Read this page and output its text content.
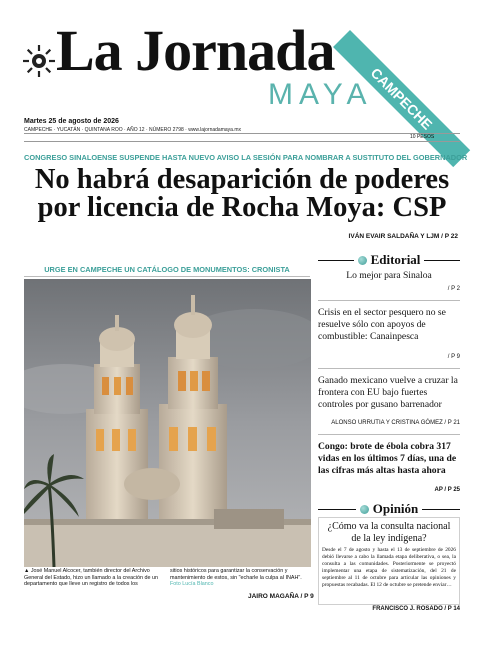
La Jornada
MAYA
CAMPECHE
Martes 25 de agosto de 2026
CAMPECHE · YUCATÁN · QUINTANA ROO · AÑO 12 · NÚMERO 2798 · www.lajornadamaya.mx
10 PESOS
CONGRESO SINALOENSE SUSPENDE HASTA NUEVO AVISO LA SESIÓN PARA NOMBRAR A SUSTITUTO DEL GOBERNADOR
No habrá desaparición de poderes
por licencia de Rocha Moya: CSP
IVÁN EVAIR SALDAÑA Y LJM / P 22
URGE EN CAMPECHE UN CATÁLOGO DE MONUMENTOS: CRONISTA
▲ José Manuel Alcocer, también director del Archivo General del Estado, hizo un llamado a la creación de un departamento que lleve un registro de todos los
sitios históricos para garantizar la conservación y mantenimiento de estos, sin "echarle la culpa al INAH". Foto Lucía Blanco
JAIRO MAGAÑA / P 9
Editorial
Lo mejor para Sinaloa
/ P 2
Crisis en el sector pesquero no se resuelve sólo con apoyos de combustible: Canainpesca
/ P 9
Ganado mexicano vuelve a cruzar la frontera con EU bajo fuertes controles por gusano barrenador
ALONSO URRUTIA Y CRISTINA GÓMEZ / P 21
Congo: brote de ébola cobra 317 vidas en los últimos 7 días, una de las cifras más altas hasta ahora
AP / P 25
Opinión
¿Cómo va la consulta nacional de la ley indígena?
Desde el 7 de agosto y hasta el 13 de septiembre de 2026 debió llevarse a cabo la llamada etapa deliberativa, o sea, la consulta a las comunidades. Posteriormente se proyectó implementar una etapa de sistematización, del 21 de septiembre al 11 de octubre para articular las opiniones y propuestas recabadas. El 12 de octubre se pretende enviar…
FRANCISCO J. ROSADO / P 14
